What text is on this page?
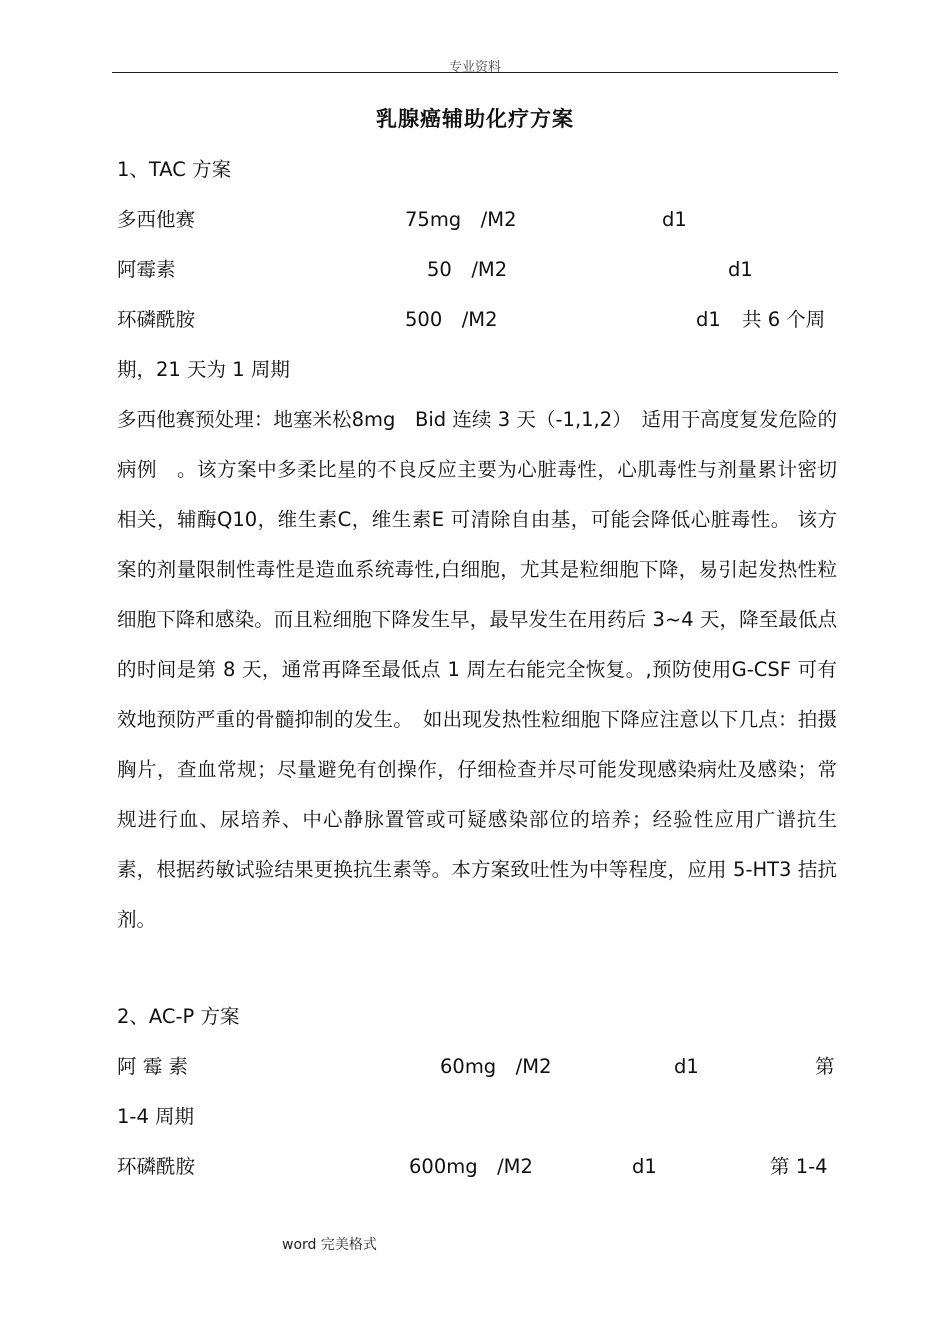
专业资料
乳腺癌辅助化疗方案
1、TAC 方案
多西他赛	75mg　/M2	d1
阿霉素	50　/M2	d1
环磷酰胺	500　/M2	d1 共 6 个周
期，21 天为 1 周期

多西他赛预处理：地塞米松8mg　Bid 连续 3 天（-1,1,2）　适用于高度复发危险的病例　。该方案中多柔比星的不良反应主要为心脏毒性，心肌毒性与剂量累计密切相关，辅酶Q10，维生素C，维生素E 可清除自由基，可能会降低心脏毒性。 该方案的剂量限制性毒性是造血系统毒性,白细胞，尤其是粒细胞下降，易引起发热性粒细胞下降和感染。而且粒细胞下降发生早，最早发生在用药后 3~4 天，降至最低点的时间是第 8 天，通常再降至最低点 1 周左右能完全恢复。,预防使用G-CSF 可有效地预防严重的骨髓抑制的发生。　如出现发热性粒细胞下降应注意以下几点：拍摄胸片，查血常规；尽量避免有创操作，仔细检查并尽可能发现感染病灶及感染；常规进行血、尿培养、中心静脉置管或可疑感染部位的培养；经验性应用广谱抗生素，根据药敏试验结果更换抗生素等。本方案致吐性为中等程度，应用 5-HT3 拮抗剂。

2、AC-P 方案
阿 霉 素	60mg　/M2	d1	第
1-4 周期
环磷酰胺	600mg　/M2	d1	第 1-4
word 完美格式
